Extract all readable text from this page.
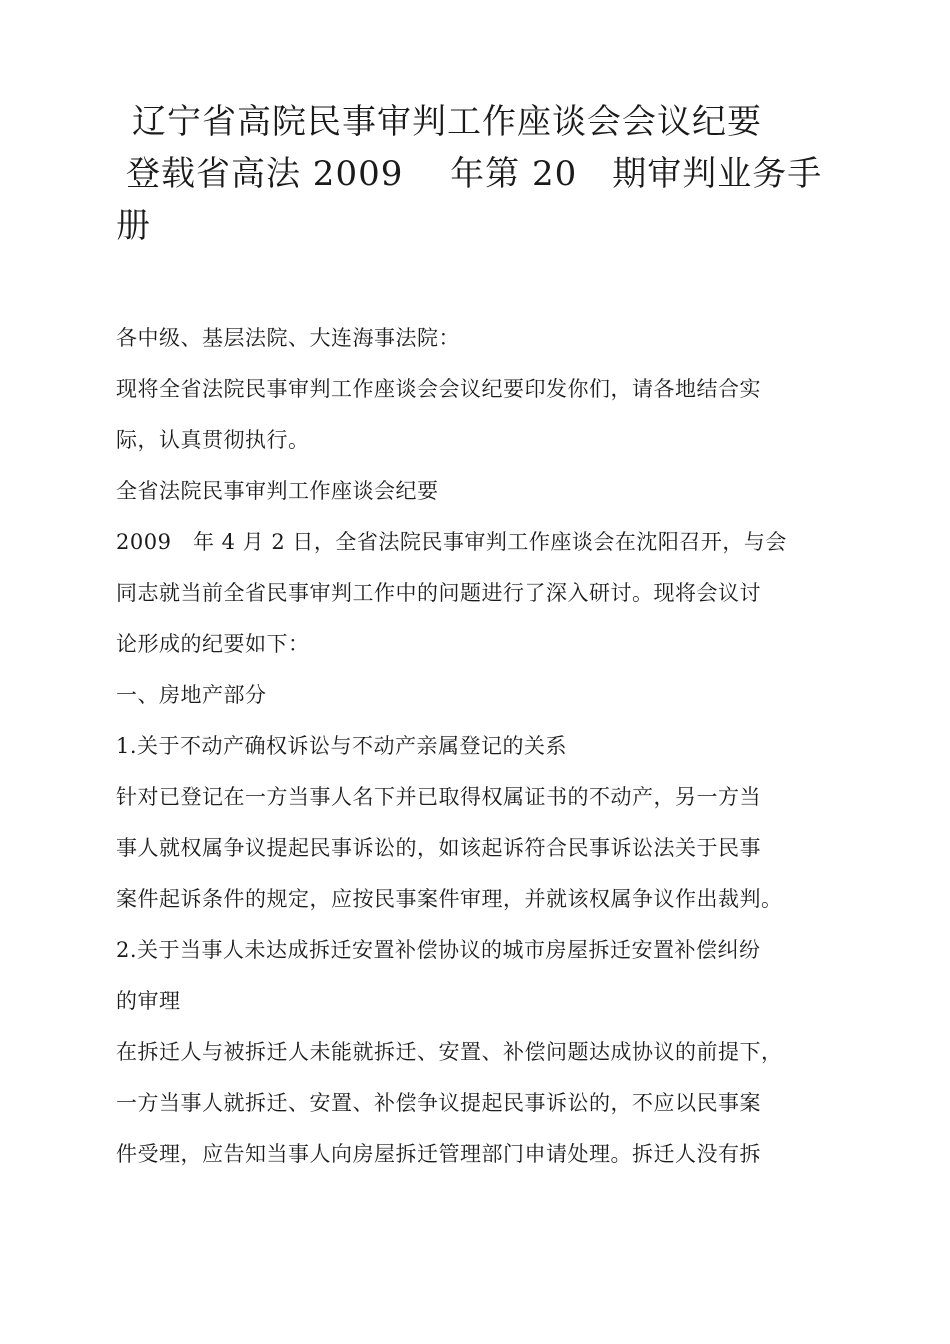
辽宁省高院民事审判工作座谈会会议纪要
登载省高法 2009　 年第 20　期审判业务手
册

各中级、基层法院、大连海事法院：

现将全省法院民事审判工作座谈会会议纪要印发你们，请各地结合实

际，认真贯彻执行。

全省法院民事审判工作座谈会纪要

2009　年 4 月 2 日，全省法院民事审判工作座谈会在沈阳召开，与会

同志就当前全省民事审判工作中的问题进行了深入研讨。现将会议讨

论形成的纪要如下：

一、房地产部分

1.关于不动产确权诉讼与不动产亲属登记的关系

针对已登记在一方当事人名下并已取得权属证书的不动产，另一方当

事人就权属争议提起民事诉讼的，如该起诉符合民事诉讼法关于民事

案件起诉条件的规定，应按民事案件审理，并就该权属争议作出裁判。

2.关于当事人未达成拆迁安置补偿协议的城市房屋拆迁安置补偿纠纷

的审理

在拆迁人与被拆迁人未能就拆迁、安置、补偿问题达成协议的前提下，

一方当事人就拆迁、安置、补偿争议提起民事诉讼的，不应以民事案

件受理，应告知当事人向房屋拆迁管理部门申请处理。拆迁人没有拆
